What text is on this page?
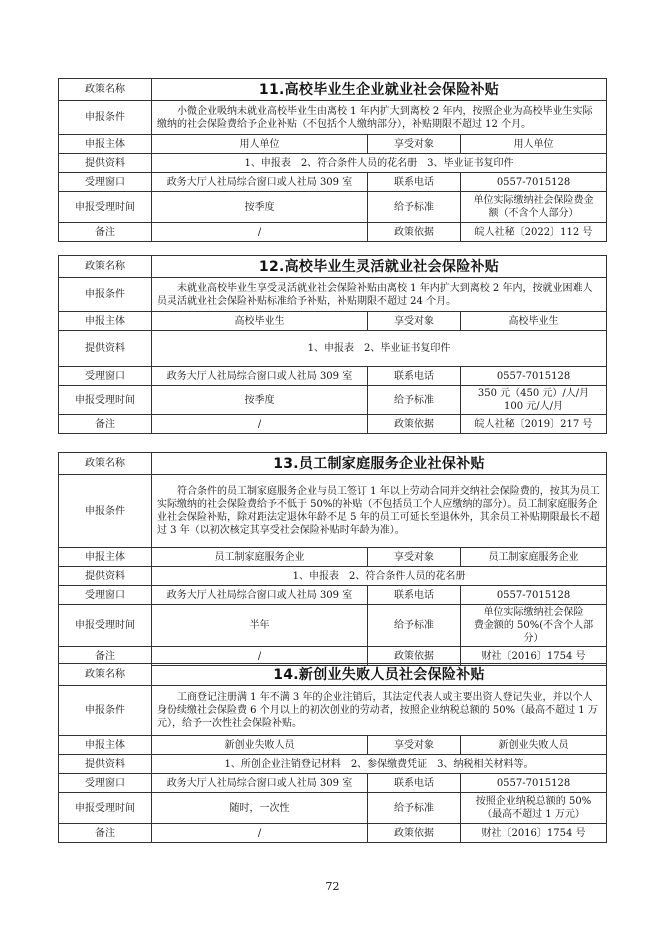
政策名称	11.高校毕业生企业就业社会保险补贴		
申报条件	小微企业吸纳未就业高校毕业生由离校 1 年内扩大到离校 2 年内，按照企业为高校毕业生实际缴纳的社会保险费给予企业补贴（不包括个人缴纳部分），补贴期限不超过 12 个月。		
申报主体	用人单位	享受对象	用人单位
提供资料	1、申报表　2、符合条件人员的花名册　3、毕业证书复印件		
受理窗口	政务大厅人社局综合窗口或人社局 309 室	联系电话	0557-7015128
申报受理时间	按季度	给予标准	单位实际缴纳社会保险费金
额（不含个人部分）

备注	/	政策依据	皖人社秘〔2022〕112 号
政策名称	12.高校毕业生灵活就业社会保险补贴		
申报条件	未就业高校毕业生享受灵活就业社会保险补贴由离校 1 年内扩大到离校 2 年内，按就业困难人员灵活就业社会保险补贴标准给予补贴，补贴期限不超过 24 个月。		
申报主体	高校毕业生	享受对象	高校毕业生
提供资料	1、申报表　2、毕业证书复印件		
受理窗口	政务大厅人社局综合窗口或人社局 309 室	联系电话	0557-7015128
申报受理时间	按季度	给予标准	350 元（450 元）/人/月
100 元/人/月

备注	/	政策依据	皖人社秘〔2019〕217 号
政策名称	13.员工制家庭服务企业社保补贴		
申报条件	符合条件的员工制家庭服务企业与员工签订 1 年以上劳动合同并交纳社会保险费的，按其为员工实际缴纳的社会保险费给予不低于 50%的补贴（不包括员工个人应缴纳的部分）。员工制家庭服务企业社会保险补贴，除对距法定退休年龄不足 5 年的员工可延长至退休外，其余员工补贴期限最长不超过 3 年（以初次核定其享受社会保险补贴时年龄为准）。		
申报主体	员工制家庭服务企业	享受对象	员工制家庭服务企业
提供资料	1、申报表　2、符合条件人员的花名册		
受理窗口	政务大厅人社局综合窗口或人社局 309 室	联系电话	0557-7015128
申报受理时间	半年	给予标准	单位实际缴纳社会保险
费金额的 50%(不含个人部
分）

备注	/	政策依据	财社〔2016〕1754 号
政策名称	14.新创业失败人员社会保险补贴		
申报条件	工商登记注册满 1 年不满 3 年的企业注销后，其法定代表人或主要出资人登记失业，并以个人身份续缴社会保险费 6 个月以上的初次创业的劳动者，按照企业纳税总额的 50%（最高不超过 1 万元），给予一次性社会保险补贴。		
申报主体	新创业失败人员	享受对象	新创业失败人员
提供资料	1、所创企业注销登记材料　2、参保缴费凭证　3、纳税相关材料等。		
受理窗口	政务大厅人社局综合窗口或人社局 309 室	联系电话	0557-7015128
申报受理时间	随时，一次性	给予标准	按照企业纳税总额的 50%
（最高不超过 1 万元）

备注	/	政策依据	财社〔2016〕1754 号
72
